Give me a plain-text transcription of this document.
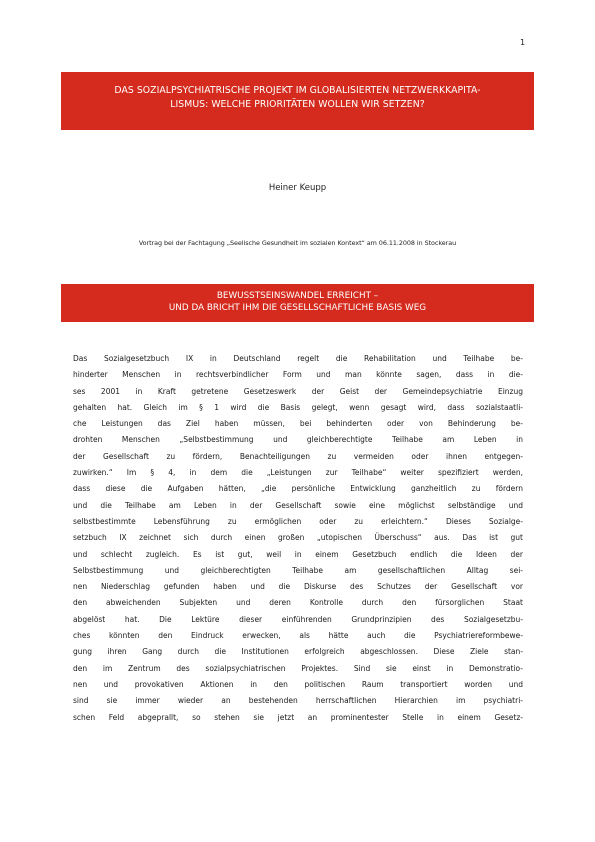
1
DAS SOZIALPSYCHIATRISCHE PROJEKT IM GLOBALISIERTEN NETZWERKKAPITA-
LISMUS: WELCHE PRIORITÄTEN WOLLEN WIR SETZEN?
Heiner Keupp
Vortrag bei der Fachtagung „Seelische Gesundheit im sozialen Kontext“ am 06.11.2008 in Stockerau
BEWUSSTSEINSWANDEL ERREICHT –
UND DA BRICHT IHM DIE GESELLSCHAFTLICHE BASIS WEG
Das Sozialgesetzbuch IX in Deutschland regelt die Rehabilitation und Teilhabe be-
hinderter Menschen in rechtsverbindlicher Form und man könnte sagen, dass in die-
ses 2001 in Kraft getretene Gesetzeswerk der Geist der Gemeindepsychiatrie Einzug
gehalten hat. Gleich im § 1 wird die Basis gelegt, wenn gesagt wird, dass sozialstaatli-
che Leistungen das Ziel haben müssen, bei behinderten oder von Behinderung be-
drohten Menschen „Selbstbestimmung und gleichberechtigte Teilhabe am Leben in
der Gesellschaft zu fördern, Benachteiligungen zu vermeiden oder ihnen entgegen-
zuwirken.“ Im § 4, in dem die „Leistungen zur Teilhabe“ weiter spezifiziert werden,
dass diese die Aufgaben hätten, „die persönliche Entwicklung ganzheitlich zu fördern
und die Teilhabe am Leben in der Gesellschaft sowie eine möglichst selbständige und
selbstbestimmte Lebensführung zu ermöglichen oder zu erleichtern.“ Dieses Sozialge-
setzbuch IX zeichnet sich durch einen großen „utopischen Überschuss“ aus. Das ist gut
und schlecht zugleich. Es ist gut, weil in einem Gesetzbuch endlich die Ideen der
Selbstbestimmung und gleichberechtigten Teilhabe am gesellschaftlichen Alltag sei-
nen Niederschlag gefunden haben und die Diskurse des Schutzes der Gesellschaft vor
den abweichenden Subjekten und deren Kontrolle durch den fürsorglichen Staat
abgelöst hat. Die Lektüre dieser einführenden Grundprinzipien des Sozialgesetzbu-
ches könnten den Eindruck erwecken, als hätte auch die Psychiatriereformbewe-
gung ihren Gang durch die Institutionen erfolgreich abgeschlossen. Diese Ziele stan-
den im Zentrum des sozialpsychiatrischen Projektes. Sind sie einst in Demonstratio-
nen und provokativen Aktionen in den politischen Raum transportiert worden und
sind sie immer wieder an bestehenden herrschaftlichen Hierarchien im psychiatri-
schen Feld abgeprallt, so stehen sie jetzt an prominentester Stelle in einem Gesetz-
